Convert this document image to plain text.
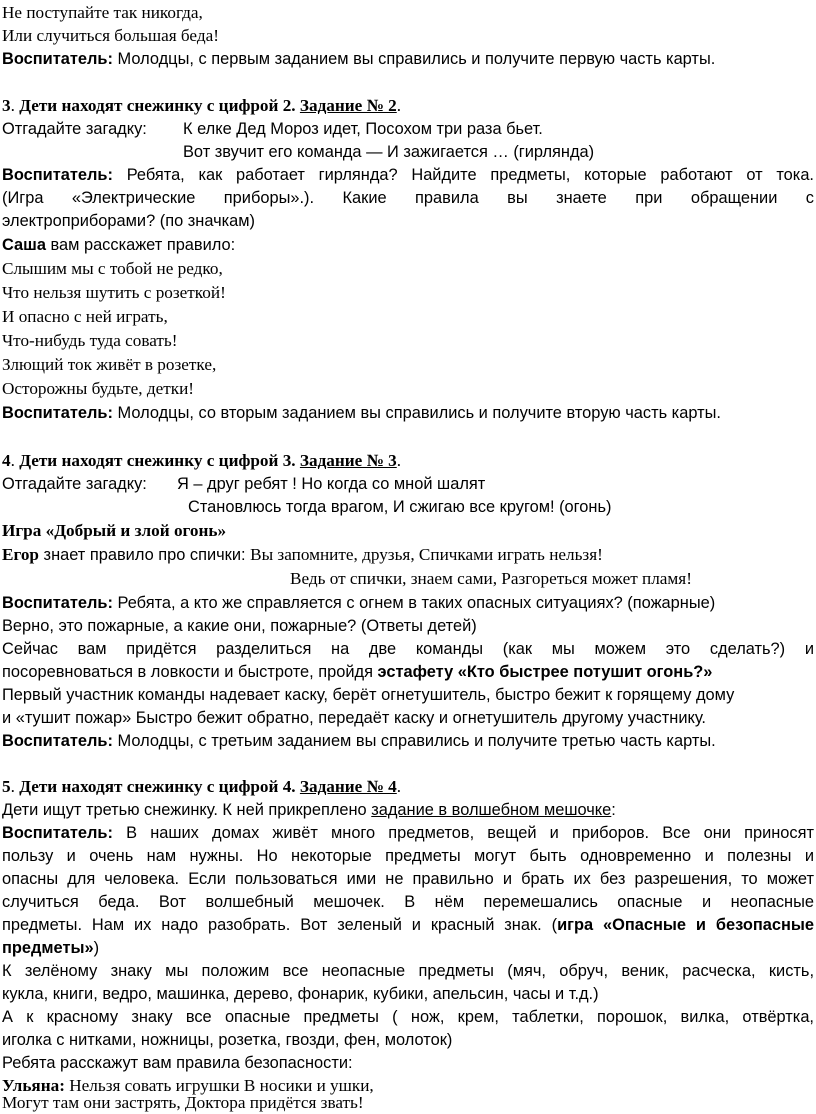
Не поступайте так никогда,
Или случиться большая беда!
Воспитатель: Молодцы, с первым заданием вы справились и получите первую часть карты.
3. Дети находят снежинку с цифрой 2. Задание № 2.
Отгадайте загадку: К елке Дед Мороз идет, Посохом три раза бьет.
Вот звучит его команда — И зажигается … (гирлянда)
Воспитатель: Ребята, как работает гирлянда? Найдите предметы, которые работают от тока.
(Игра «Электрические приборы».). Какие правила вы знаете при обращении с
электроприборами? (по значкам)
Саша вам расскажет правило:
Слышим мы с тобой не редко,
Что нельзя шутить с розеткой!
И опасно с ней играть,
Что-нибудь туда совать!
Злющий ток живёт в розетке,
Осторожны будьте, детки!
Воспитатель: Молодцы, со вторым заданием вы справились и получите вторую часть карты.
4. Дети находят снежинку с цифрой 3. Задание № 3.
Отгадайте загадку: Я – друг ребят ! Но когда со мной шалят
Становлюсь тогда врагом, И сжигаю все кругом! (огонь)
Игра «Добрый и злой огонь»
Егор знает правило про спички: Вы запомните, друзья, Спичками играть нельзя!
Ведь от спички, знаем сами, Разгореться может пламя!
Воспитатель: Ребята, а кто же справляется с огнем в таких опасных ситуациях? (пожарные)
Верно, это пожарные, а какие они, пожарные? (Ответы детей)
Сейчас вам придётся разделиться на две команды (как мы можем это сделать?) и
посоревноваться в ловкости и быстроте, пройдя эстафету «Кто быстрее потушит огонь?»
Первый участник команды надевает каску, берёт огнетушитель, быстро бежит к горящему дому
и «тушит пожар» Быстро бежит обратно, передаёт каску и огнетушитель другому участнику.
Воспитатель: Молодцы, с третьим заданием вы справились и получите третью часть карты.
5. Дети находят снежинку с цифрой 4. Задание № 4.
Дети ищут третью снежинку. К ней прикреплено задание в волшебном мешочке:
Воспитатель: В наших домах живёт много предметов, вещей и приборов. Все они приносят
пользу и очень нам нужны. Но некоторые предметы могут быть одновременно и полезны и
опасны для человека. Если пользоваться ими не правильно и брать их без разрешения, то может
случиться беда. Вот волшебный мешочек. В нём перемешались опасные и неопасные
предметы. Нам их надо разобрать. Вот зеленый и красный знак. (игра «Опасные и безопасные
предметы»)
К зелёному знаку мы положим все неопасные предметы (мяч, обруч, веник, расческа, кисть,
кукла, книги, ведро, машинка, дерево, фонарик, кубики, апельсин, часы и т.д.)
А к красному знаку все опасные предметы ( нож, крем, таблетки, порошок, вилка, отвёртка,
иголка с нитками, ножницы, розетка, гвозди, фен, молоток)
Ребята расскажут вам правила безопасности:
Ульяна: Нельзя совать игрушки В носики и ушки,
Могут там они застрять, Доктора придётся звать!
